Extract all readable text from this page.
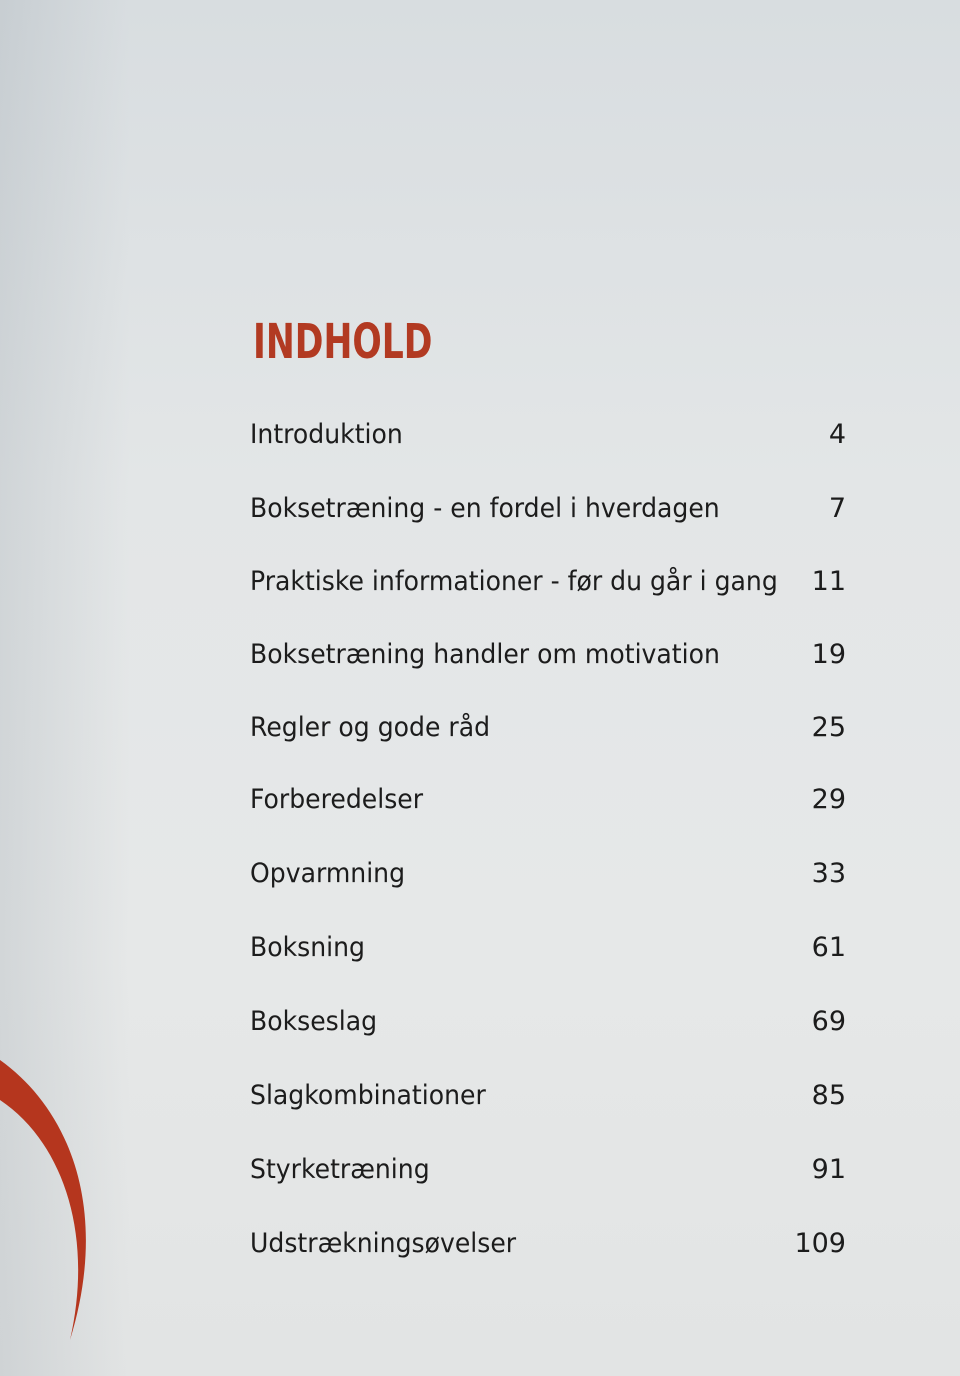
INDHOLD
Introduktion	4
Boksetræning - en fordel i hverdagen	7
Praktiske informationer - før du går i gang 11
Boksetræning handler om motivation	19
Regler og gode råd	25
Forberedelser	29
Opvarmning	33
Boksning	61
Bokseslag	69
Slagkombinationer	85
Styrketræning	91
Udstrækningsøvelser	109
